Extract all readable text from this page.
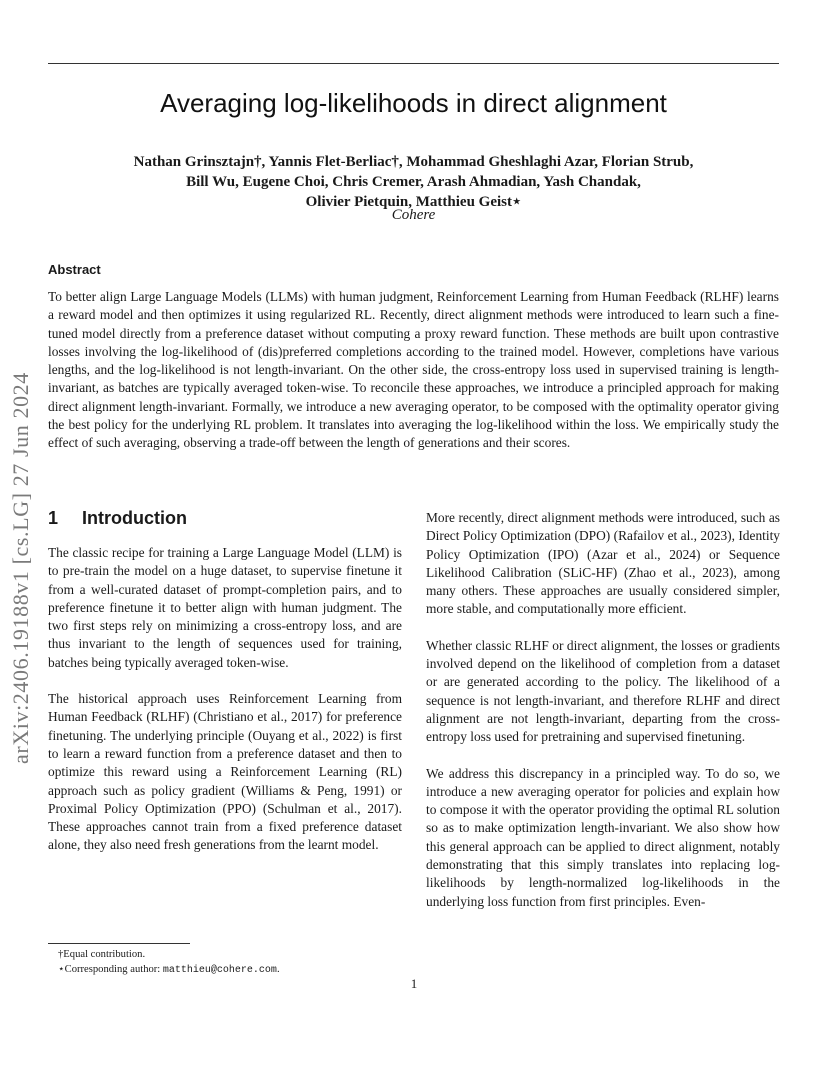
Averaging log-likelihoods in direct alignment
Nathan Grinsztajn†, Yannis Flet-Berliac†, Mohammad Gheshlaghi Azar, Florian Strub,
Bill Wu, Eugene Choi, Chris Cremer, Arash Ahmadian, Yash Chandak,
Olivier Pietquin, Matthieu Geist⋆
Cohere
Abstract

To better align Large Language Models (LLMs) with human judgment, Reinforcement Learning from Human Feedback (RLHF) learns a reward model and then optimizes it using regularized RL. Recently, direct alignment methods were introduced to learn such a fine-tuned model directly from a preference dataset without computing a proxy reward function. These methods are built upon contrastive losses involving the log-likelihood of (dis)preferred completions according to the trained model. However, completions have various lengths, and the log-likelihood is not length-invariant. On the other side, the cross-entropy loss used in supervised training is length-invariant, as batches are typically averaged token-wise. To reconcile these approaches, we introduce a principled approach for making direct alignment length-invariant. Formally, we introduce a new averaging operator, to be composed with the optimality operator giving the best policy for the underlying RL problem. It translates into averaging the log-likelihood within the loss. We empirically study the effect of such averaging, observing a trade-off between the length of generations and their scores.

arXiv:2406.19188v1 [cs.LG] 27 Jun 2024 1 Introduction

The classic recipe for training a Large Language Model (LLM) is to pre-train the model on a huge dataset, to supervise finetune it from a well-curated dataset of prompt-completion pairs, and to preference finetune it to better align with human judgment. The two first steps rely on minimizing a cross-entropy loss, and are thus invariant to the length of sequences used for training, batches being typically averaged token-wise.

The historical approach uses Reinforcement Learning from Human Feedback (RLHF) (Christiano et al., 2017) for preference finetuning. The underlying principle (Ouyang et al., 2022) is first to learn a reward function from a preference dataset and then to optimize this reward using a Reinforcement Learning (RL) approach such as policy gradient (Williams & Peng, 1991) or Proximal Policy Optimization (PPO) (Schulman et al., 2017). These approaches cannot train from a fixed preference dataset alone, they also need fresh generations from the learnt model.

More recently, direct alignment methods were introduced, such as Direct Policy Optimization (DPO) (Rafailov et al., 2023), Identity Policy Optimization (IPO) (Azar et al., 2024) or Sequence Likelihood Calibration (SLiC-HF) (Zhao et al., 2023), among many others. These approaches are usually considered simpler, more stable, and computationally more efficient.

Whether classic RLHF or direct alignment, the losses or gradients involved depend on the likelihood of completion from a dataset or are generated according to the policy. The likelihood of a sequence is not length-invariant, and therefore RLHF and direct alignment are not length-invariant, departing from the cross-entropy loss used for pretraining and supervised finetuning.

We address this discrepancy in a principled way. To do so, we introduce a new averaging operator for policies and explain how to compose it with the operator providing the optimal RL solution so as to make optimization length-invariant. We also show how this general approach can be applied to direct alignment, notably demonstrating that this simply translates into replacing log-likelihoods by length-normalized log-likelihoods in the underlying loss function from first principles. Even-

†Equal contribution.
⋆Corresponding author: matthieu@cohere.com.
1
